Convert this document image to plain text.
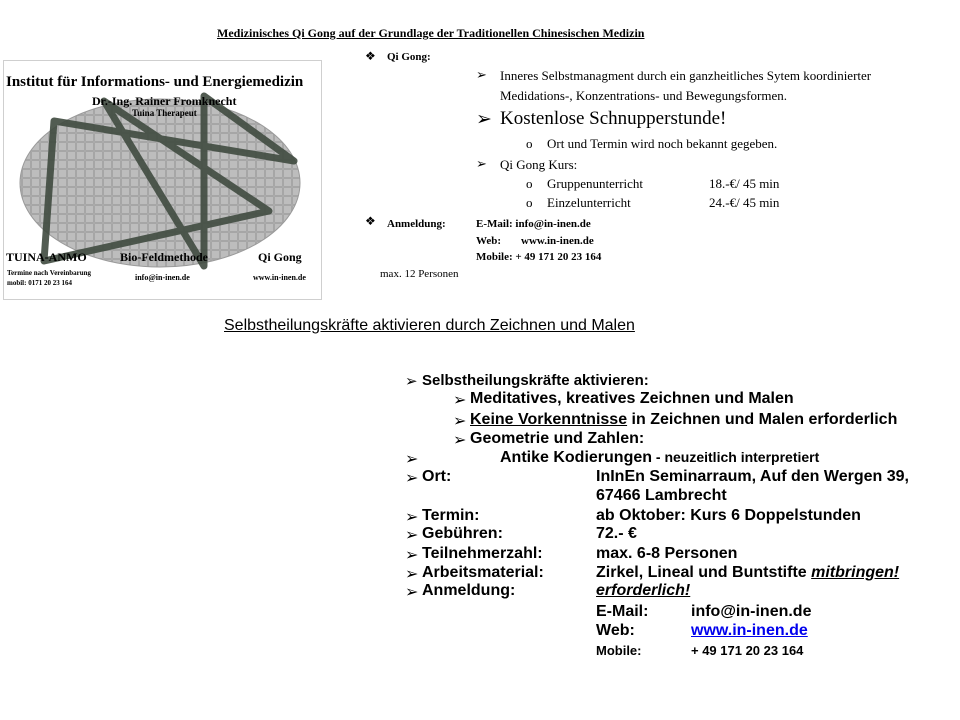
Medizinisches Qi Gong auf der Grundlage der Traditionellen Chinesischen Medizin
Institut für Informations- und Energiemedizin
Dr.-Ing. Rainer Fromknecht
Tuina Therapeut
TUINA-ANMO	Bio-Feldmethode	Qi Gong
Termine nach Vereinbarung
mobil: 0171 20 23 164
info@in-inen.de	www.in-inen.de
❖ Qi Gong:
➢ Inneres Selbstmanagment durch ein ganzheitliches Sytem koordinierter
Medidations-, Konzentrations- und Bewegungsformen.
➢ Kostenlose Schnupperstunde!
o Ort und Termin wird noch bekannt gegeben.
➢ Qi Gong Kurs:
o Gruppenunterricht	18.-€/ 45 min
o Einzelunterricht	24.-€/ 45 min
❖ Anmeldung:	E-Mail: info@in-inen.de
Web: www.in-inen.de
Mobile: + 49 171 20 23 164
max. 12 Personen
Selbstheilungskräfte aktivieren durch Zeichnen und Malen
➢ Selbstheilungskräfte aktivieren:
➢ Meditatives, kreatives Zeichnen und Malen
➢ Keine Vorkenntnisse in Zeichnen und Malen erforderlich
➢ Geometrie und Zahlen:
➢	Antike Kodierungen - neuzeitlich interpretiert
➢ Ort:	InInEn Seminarraum, Auf den Wergen 39,
67466 Lambrecht
➢ Termin:	ab Oktober: Kurs 6 Doppelstunden
➢ Gebühren:	72.- €
➢ Teilnehmerzahl:	max. 6-8 Personen
➢ Arbeitsmaterial:	Zirkel, Lineal und Buntstifte mitbringen!
➢ Anmeldung:	erforderlich!
E-Mail:	info@in-inen.de
Web:	www.in-inen.de
Mobile:	+ 49 171 20 23 164
